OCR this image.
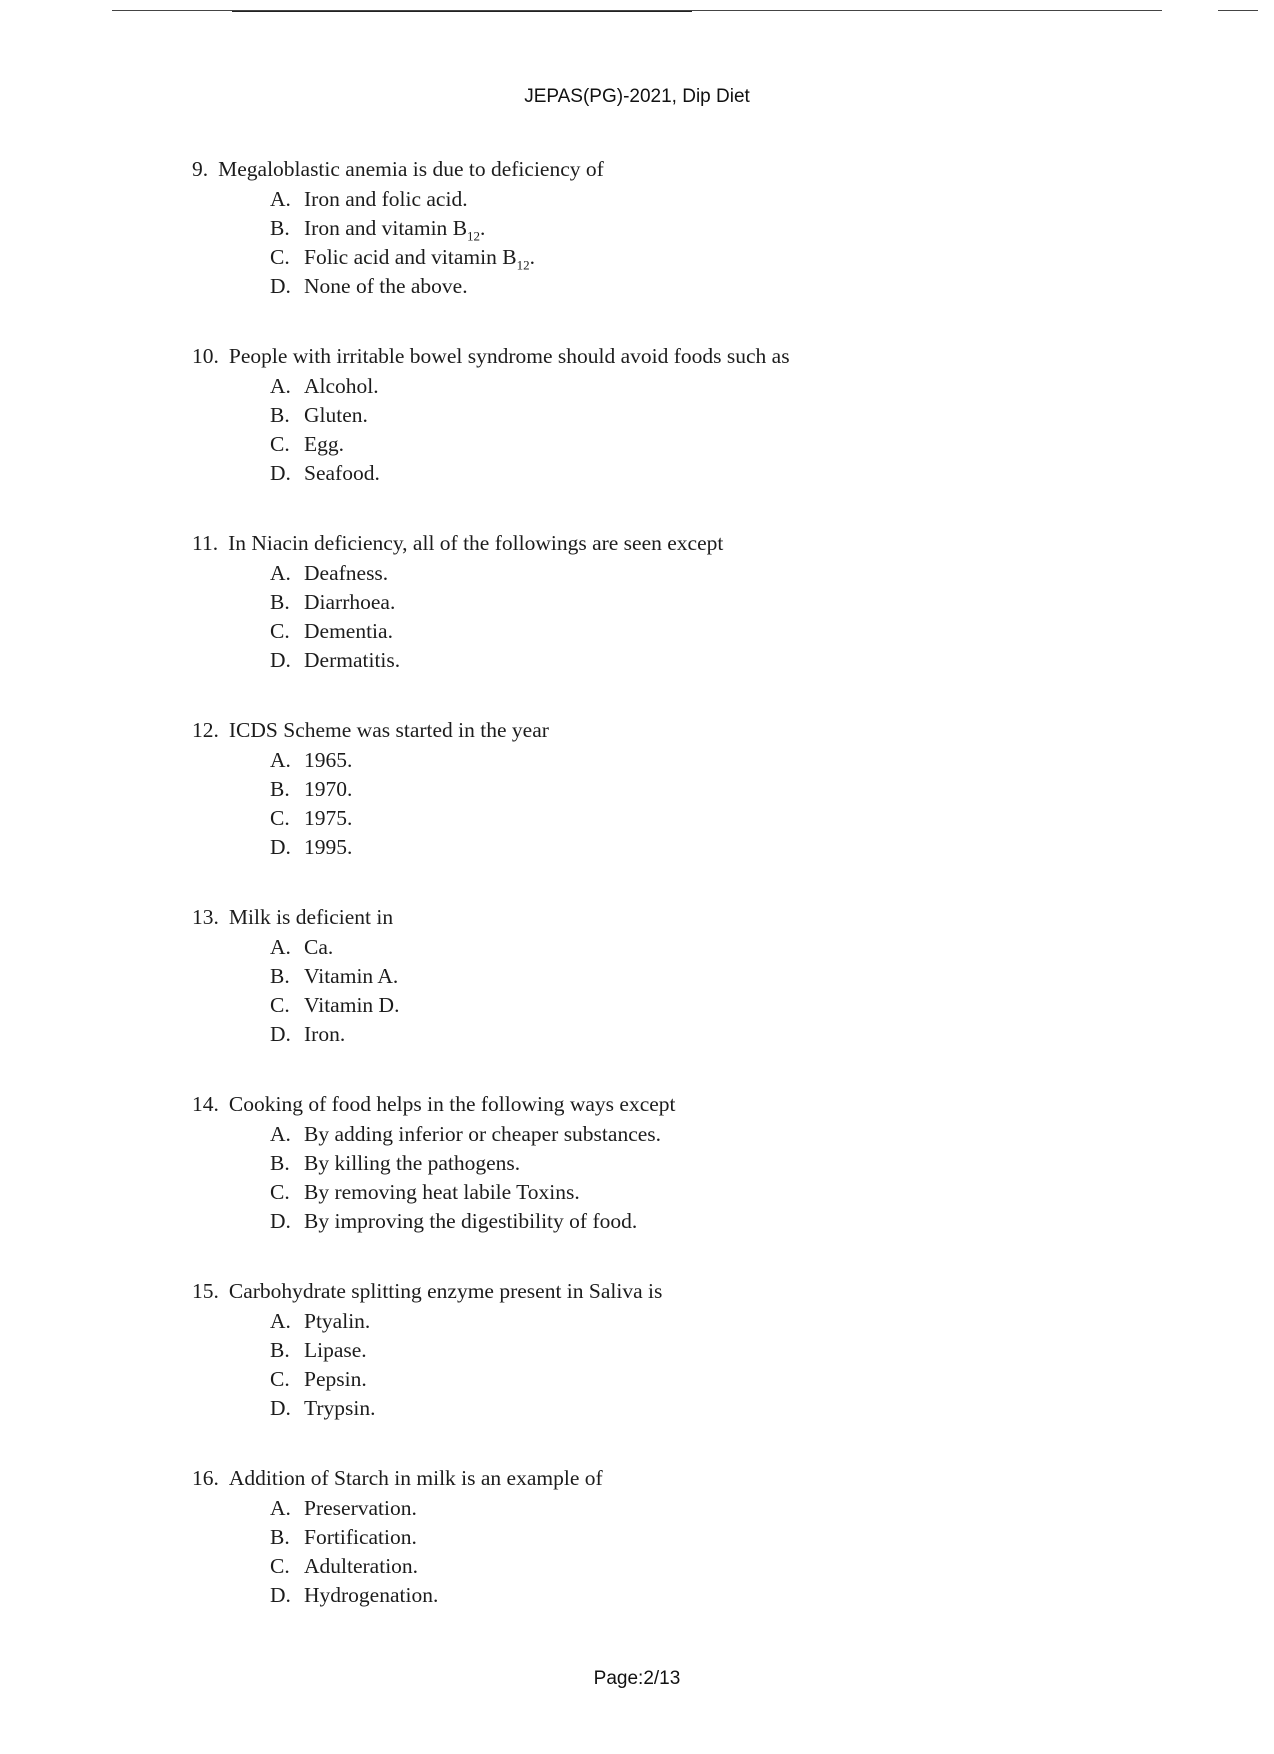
JEPAS(PG)-2021, Dip Diet
9. Megaloblastic anemia is due to deficiency of
A. Iron and folic acid.
B. Iron and vitamin $B_{12}$.
C. Folic acid and vitamin $B_{12}$.
D. None of the above.
10. People with irritable bowel syndrome should avoid foods such as
A. Alcohol.
B. Gluten.
C. Egg.
D. Seafood.
11. In Niacin deficiency, all of the followings are seen except
A. Deafness.
B. Diarrhoea.
C. Dementia.
D. Dermatitis.
12. ICDS Scheme was started in the year
A. 1965.
B. 1970.
C. 1975.
D. 1995.
13. Milk is deficient in
A. Ca.
B. Vitamin A.
C. Vitamin D.
D. Iron.
14. Cooking of food helps in the following ways except
A. By adding inferior or cheaper substances.
B. By killing the pathogens.
C. By removing heat labile Toxins.
D. By improving the digestibility of food.
15. Carbohydrate splitting enzyme present in Saliva is
A. Ptyalin.
B. Lipase.
C. Pepsin.
D. Trypsin.
16. Addition of Starch in milk is an example of
A. Preservation.
B. Fortification.
C. Adulteration.
D. Hydrogenation.
Page:2/13
